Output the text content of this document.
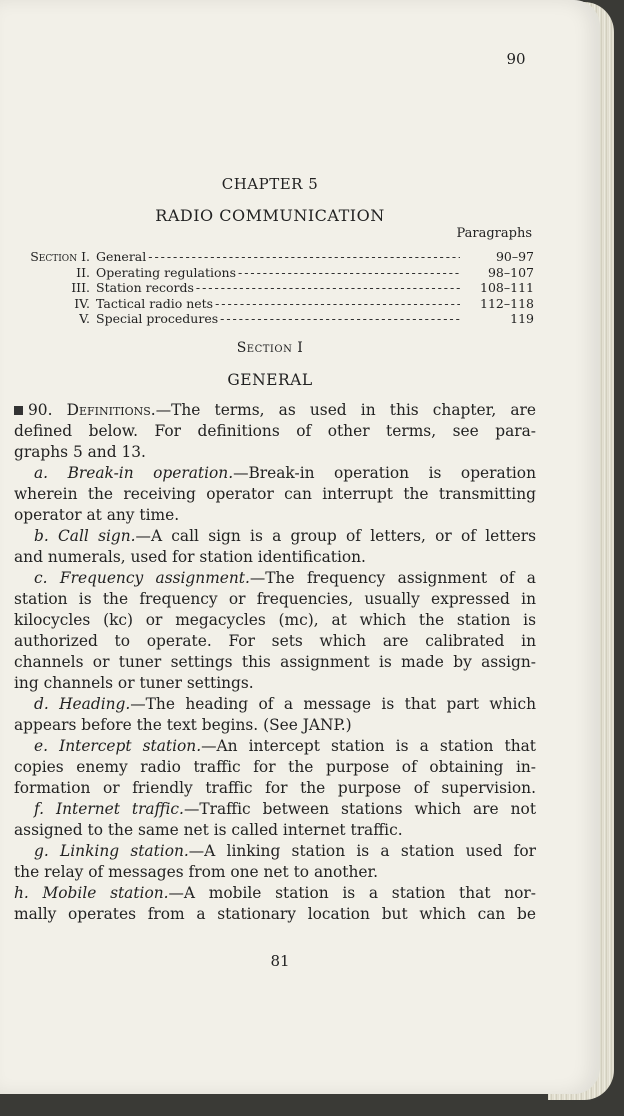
90
CHAPTER 5
RADIO COMMUNICATION
Paragraphs
Section I. General - - -	90–97
II. Operating regulations - - -	98–107
III. Station records - - -	108–111
IV. Tactical radio nets - - -	112–118
V. Special procedures - - -	119
Section I
GENERAL
90. Definitions.—The terms, as used in this chapter, are
defined below. For definitions of other terms, see para-
graphs 5 and 13.
a. Break-in operation.—Break-in operation is operation
wherein the receiving operator can interrupt the transmitting
operator at any time.
b. Call sign.—A call sign is a group of letters, or of letters
and numerals, used for station identification.
c. Frequency assignment.—The frequency assignment of a
station is the frequency or frequencies, usually expressed in
kilocycles (kc) or megacycles (mc), at which the station is
authorized to operate. For sets which are calibrated in
channels or tuner settings this assignment is made by assign-
ing channels or tuner settings.
d. Heading.—The heading of a message is that part which
appears before the text begins. (See JANP.)
e. Intercept station.—An intercept station is a station that
copies enemy radio traffic for the purpose of obtaining in-
formation or friendly traffic for the purpose of supervision.
f. Internet traffic.—Traffic between stations which are not
assigned to the same net is called internet traffic.
g. Linking station.—A linking station is a station used for
the relay of messages from one net to another.
h. Mobile station.—A mobile station is a station that nor-
mally operates from a stationary location but which can be
81
